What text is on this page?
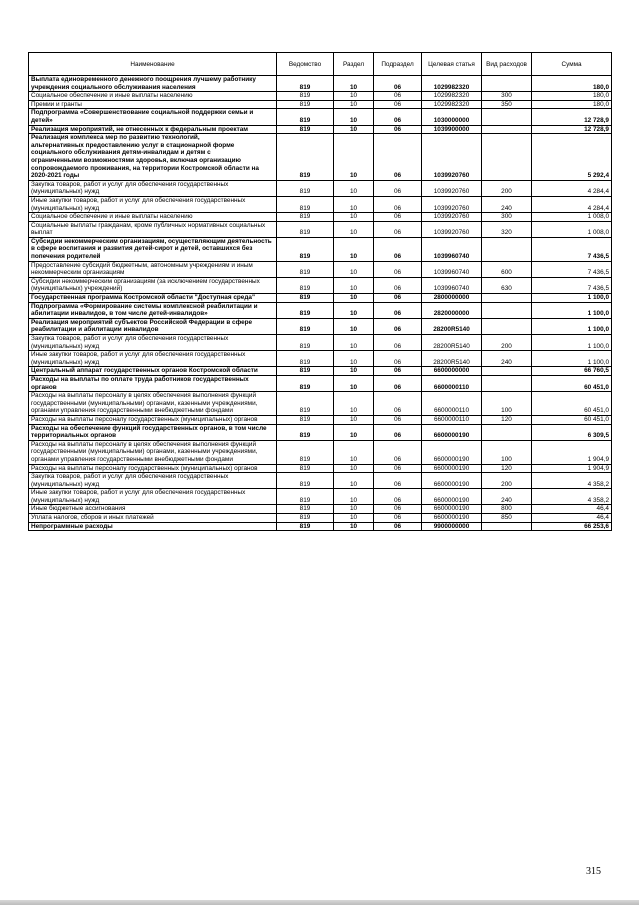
Наименование	Ведомство	Раздел	Подраздел	Целевая статья	Вид расходов	Сумма
Выплата единовременного денежного поощрения лучшему работнику учреждения социального обслуживания населения	819	10	06	1029982320		180,0
Социальное обеспечение и иные выплаты населению	819	10	06	1029982320	300	180,0
Премии и гранты	819	10	06	1029982320	350	180,0
Подпрограмма «Совершенствование социальной поддержки семьи и детей»	819	10	06	1030000000		12 728,9
Реализация мероприятий, не отнесенных к федеральным проектам	819	10	06	1039900000		12 728,9
Реализация комплекса мер по развитию технологий,
альтернативных предоставлению услуг в стационарной форме
социального обслуживания детям-инвалидам и детям с
ограниченными возможностями здоровья, включая организацию
сопровождаемого проживания, на территории Костромской области на 2020-2021 годы	819	10	06	1039920760		5 292,4
Закупка товаров, работ и услуг для обеспечения государственных (муниципальных) нужд	819	10	06	1039920760	200	4 284,4
Иные закупки товаров, работ и услуг для обеспечения государственных (муниципальных) нужд	819	10	06	1039920760	240	4 284,4
Социальное обеспечение и иные выплаты населению	819	10	06	1039920760	300	1 008,0
Социальные выплаты гражданам, кроме публичных нормативных социальных выплат	819	10	06	1039920760	320	1 008,0
Субсидии некоммерческим организациям, осуществляющим деятельность в сфере воспитания и развития детей-сирот и детей, оставшихся без попечения родителей	819	10	06	1039960740		7 436,5
Предоставление субсидий бюджетным, автономным учреждениям и иным некоммерческим организациям	819	10	06	1039960740	600	7 436,5
Субсидии некоммерческим организациям (за исключением государственных (муниципальных) учреждений)	819	10	06	1039960740	630	7 436,5
Государственная программа Костромской области "Доступная среда"	819	10	06	2800000000		1 100,0
Подпрограмма «Формирование системы комплексной реабилитации и абилитации инвалидов, в том числе детей-инвалидов»	819	10	06	2820000000		1 100,0
Реализация мероприятий субъектов Российской Федерации в сфере реабилитации и абилитации инвалидов	819	10	06	28200R5140		1 100,0
Закупка товаров, работ и услуг для обеспечения государственных (муниципальных) нужд	819	10	06	28200R5140	200	1 100,0
Иные закупки товаров, работ и услуг для обеспечения государственных (муниципальных) нужд	819	10	06	28200R5140	240	1 100,0
Центральный аппарат государственных органов Костромской области	819	10	06	6600000000		66 760,5
Расходы на выплаты по оплате труда работников государственных органов	819	10	06	6600000110		60 451,0
Расходы на выплаты персоналу в целях обеспечения выполнения функций государственными (муниципальными) органами, казенными учреждениями, органами управления государственными внебюджетными фондами	819	10	06	6600000110	100	60 451,0
Расходы на выплаты персоналу государственных (муниципальных) органов	819	10	06	6600000110	120	60 451,0
Расходы на обеспечение функций государственных органов, в том числе территориальных органов	819	10	06	6600000190		6 309,5
Расходы на выплаты персоналу в целях обеспечения выполнения функций государственными (муниципальными) органами, казенными учреждениями, органами управления государственными внебюджетными фондами	819	10	06	6600000190	100	1 904,9
Расходы на выплаты персоналу государственных (муниципальных) органов	819	10	06	6600000190	120	1 904,9
Закупка товаров, работ и услуг для обеспечения государственных (муниципальных) нужд	819	10	06	6600000190	200	4 358,2
Иные закупки товаров, работ и услуг для обеспечения государственных (муниципальных) нужд	819	10	06	6600000190	240	4 358,2
Иные бюджетные ассигнования	819	10	06	6600000190	800	46,4
Уплата налогов, сборов и иных платежей	819	10	06	6600000190	850	46,4
Непрограммные расходы	819	10	06	9900000000		66 253,6
315
